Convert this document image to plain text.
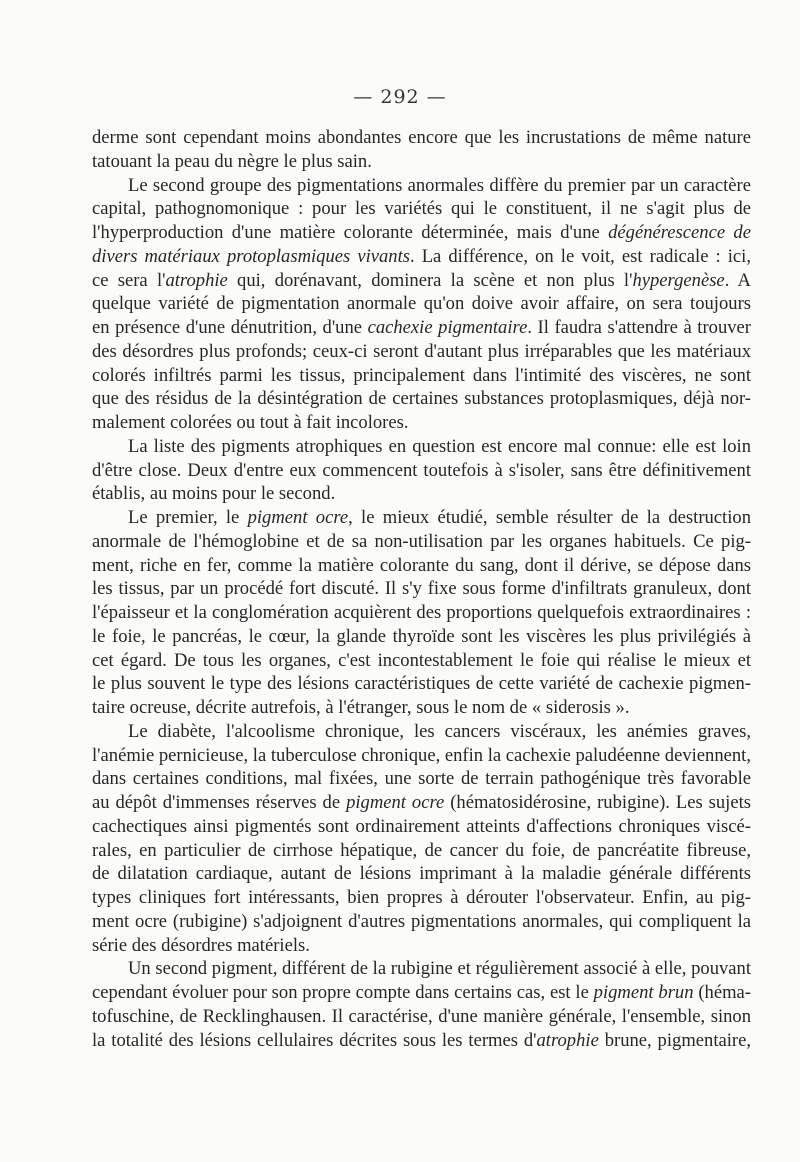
— 292 —
derme sont cependant moins abondantes encore que les incrustations de même nature
tatouant la peau du nègre le plus sain.
Le second groupe des pigmentations anormales diffère du premier par un caractère
capital, pathognomonique : pour les variétés qui le constituent, il ne s'agit plus de
l'hyperproduction d'une matière colorante déterminée, mais d'une dégénérescence de
divers matériaux protoplasmiques vivants. La différence, on le voit, est radicale : ici,
ce sera l'atrophie qui, dorénavant, dominera la scène et non plus l'hypergenèse. A
quelque variété de pigmentation anormale qu'on doive avoir affaire, on sera toujours
en présence d'une dénutrition, d'une cachexie pigmentaire. Il faudra s'attendre à trouver
des désordres plus profonds; ceux-ci seront d'autant plus irréparables que les matériaux
colorés infiltrés parmi les tissus, principalement dans l'intimité des viscères, ne sont
que des résidus de la désintégration de certaines substances protoplasmiques, déjà nor-
malement colorées ou tout à fait incolores.
La liste des pigments atrophiques en question est encore mal connue: elle est loin
d'être close. Deux d'entre eux commencent toutefois à s'isoler, sans être définitivement
établis, au moins pour le second.
Le premier, le pigment ocre, le mieux étudié, semble résulter de la destruction
anormale de l'hémoglobine et de sa non-utilisation par les organes habituels. Ce pig-
ment, riche en fer, comme la matière colorante du sang, dont il dérive, se dépose dans
les tissus, par un procédé fort discuté. Il s'y fixe sous forme d'infiltrats granuleux, dont
l'épaisseur et la conglomération acquièrent des proportions quelquefois extraordinaires :
le foie, le pancréas, le cœur, la glande thyroïde sont les viscères les plus privilégiés à
cet égard. De tous les organes, c'est incontestablement le foie qui réalise le mieux et
le plus souvent le type des lésions caractéristiques de cette variété de cachexie pigmen-
taire ocreuse, décrite autrefois, à l'étranger, sous le nom de « siderosis ».
Le diabète, l'alcoolisme chronique, les cancers viscéraux, les anémies graves,
l'anémie pernicieuse, la tuberculose chronique, enfin la cachexie paludéenne deviennent,
dans certaines conditions, mal fixées, une sorte de terrain pathogénique très favorable
au dépôt d'immenses réserves de pigment ocre (hématosidérosine, rubigine). Les sujets
cachectiques ainsi pigmentés sont ordinairement atteints d'affections chroniques viscé-
rales, en particulier de cirrhose hépatique, de cancer du foie, de pancréatite fibreuse,
de dilatation cardiaque, autant de lésions imprimant à la maladie générale différents
types cliniques fort intéressants, bien propres à dérouter l'observateur. Enfin, au pig-
ment ocre (rubigine) s'adjoignent d'autres pigmentations anormales, qui compliquent la
série des désordres matériels.
Un second pigment, différent de la rubigine et régulièrement associé à elle, pouvant
cependant évoluer pour son propre compte dans certains cas, est le pigment brun (héma-
tofuschine, de Recklinghausen. Il caractérise, d'une manière générale, l'ensemble, sinon
la totalité des lésions cellulaires décrites sous les termes d'atrophie brune, pigmentaire,
